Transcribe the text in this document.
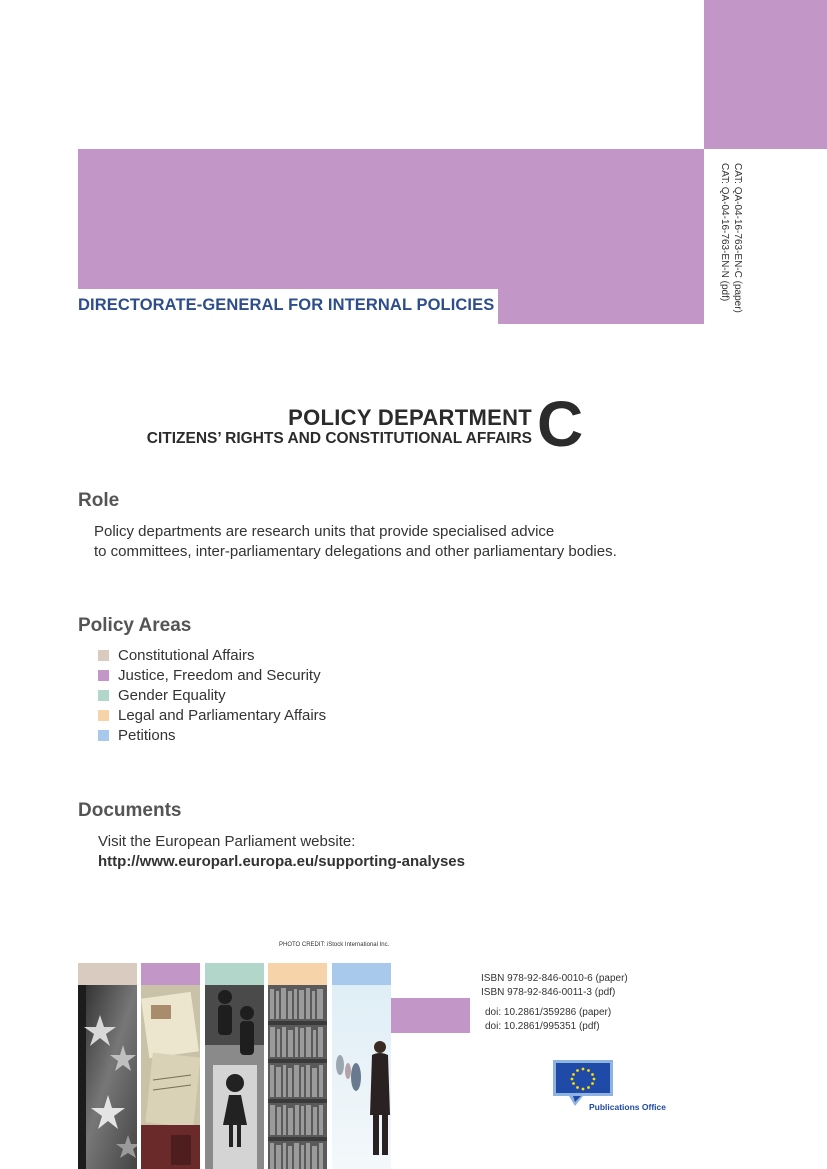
DIRECTORATE-GENERAL FOR INTERNAL POLICIES	CAT: QA-04-16-763-EN-C (paper)
CAT: QA-04-16-763-EN-N (pdf)
POLICY DEPARTMENT
CITIZENS’ RIGHTS AND CONSTITUTIONAL AFFAIRS C
Role
Policy departments are research units that provide specialised advice
to committees, inter-parliamentary delegations and other parliamentary bodies.
Policy Areas
Constitutional Affairs
Justice, Freedom and Security
Gender Equality
Legal and Parliamentary Affairs
Petitions
Documents
Visit the European Parliament website:
http://www.europarl.europa.eu/supporting-analyses
PHOTO CREDIT: iStock International Inc.
ISBN 978-92-846-0010-6 (paper)
ISBN 978-92-846-0011-3 (pdf)
doi: 10.2861/359286 (paper)
doi: 10.2861/995351 (pdf)
Publications Office
